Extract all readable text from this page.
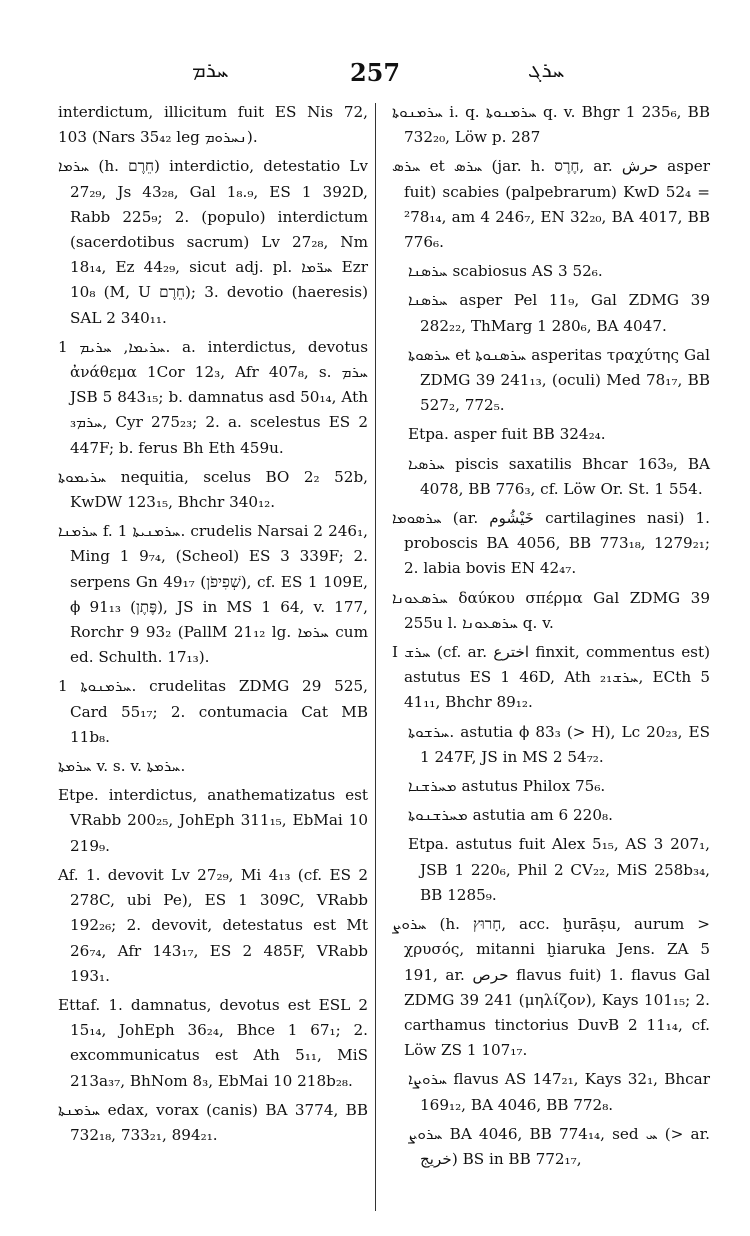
ܚܪܡ	257	ܚܪܓ

interdictum, illicitum fuit ES Nis 72, 103 (Nars 35₄₂ leg ܢܚܪܘܡ).

ܚܪܡܐ (h. חֵרֶם) interdictio, detestatio Lv 27₂₉, Js 43₂₈, Gal 1₈.₉, ES 1 392D, Rabb 225₉; 2. (populo) interdictum (sacerdotibus sacrum) Lv 27₂₈, Nm 18₁₄, Ez 44₂₉, sicut adj. pl. ܚܪ̈ܡܐ Ezr 10₈ (M, U חֵרֶם); 3. devotio (haeresis) SAL 2 340₁₁.

ܚܪܝܡܐ, ܚܪܝܡ 1. a. interdictus, devotus ἀνάθεμα 1Cor 12₃, Afr 407₈, s. ܚܪܡ JSB 5 843₁₅; b. damnatus asd 50₁₄, Ath ܚܪܡ₃, Cyr 275₂₃; 2. a. scelestus ES 2 447F; b. ferus Bh Eth 459u.

ܚܪܝܡܘܬܐ nequitia, scelus BO 2₂ 52b, KwDW 123₁₅, Bhchr 340₁₂.

ܚܪܡܢܐ f. ܚܪܡܢܝܬܐ 1. crudelis Narsai 2 246₁, Ming 1 9₇₄, (Scheol) ES 3 339F; 2. serpens Gn 49₁₇ (שְׁפִיפֹן), cf. ES 1 109E, ϕ 91₁₃ (פֶּתֶן), JS in MS 1 64, v. 177, Rorchr 9 93₂ (PallM 21₁₂ lg. ܚܪܡܐ cum ed. Schulth. 17₁₃).

ܚܪܡܢܘܬܐ 1. crudelitas ZDMG 29 525, Card 55₁₇; 2. contumacia Cat MB 11b₈.

ܚܪܡܬܐ v. s. v. ܚܪܡܬܐ.

Etpe. interdictus, anathematizatus est VRabb 200₂₅, JohEph 311₁₅, EbMai 10 219₉.

Af. 1. devovit Lv 27₂₉, Mi 4₁₃ (cf. ES 2 278C, ubi Pe), ES 1 309C, VRabb 192₂₆; 2. devovit, detestatus est Mt 26₇₄, Afr 143₁₇, ES 2 485F, VRabb 193₁.

Ettaf. 1. damnatus, devotus est ESL 2 15₁₄, JohEph 36₂₄, Bhce 1 67₁; 2. excommunicatus est Ath 5₁₁, MiS 213a₃₇, BhNom 8₃, EbMai 10 218b₂₈.

ܚܪܡܢܬܐ edax, vorax (canis) BA 3774, BB 732₁₈, 733₂₁, 894₂₁.

ܚܪܡܢܘܬܐ i. q. ܚܪܡܢܘܬܐ q. v. Bhgr 1 235₆, BB 732₂₀, Löw p. 287

ܚܪܣ et ܚܪܣ (jar. h. חֶרֶס, ar. حرش asper fuit) scabies (palpebrarum) KwD 52₄ = ²78₁₄, am 4 246₇, EN 32₂₀, BA 4017, BB 776₆.

ܚܪܣܢܐ scabiosus AS 3 52₆.

ܚܪܣܢܐ asper Pel 11₉, Gal ZDMG 39 282₂₂, ThMarg 1 280₆, BA 4047.

ܚܪܣܘܬܐ et ܚܪܣܢܘܬܐ asperitas τραχύτης Gal ZDMG 39 241₁₃, (oculi) Med 78₁₇, BB 527₂, 772₅.

Etpa. asper fuit BB 324₂₄.

ܚܪܣܝܐ piscis saxatilis Bhcar 163₉, BA 4078, BB 776₃, cf. Löw Or. St. 1 554.

ܚܪܣܘܡܐ (ar. خَيْشُوم cartilagines nasi) 1. proboscis BA 4056, BB 773₁₈, 1279₂₁; 2. labia bovis EN 42₄₇.

ܚܪܣܥܘܢܐ δαύκου σπέρμα Gal ZDMG 39 255u l. ܚܪܣܥܘܢܐ q. v.

I ܚܪܫ (cf. ar. اخترع finxit, commentus est) astutus ES 1 46D, Ath ܚܪܫ₂₁, ECth 5 41₁₁, Bhchr 89₁₂.

ܚܪܫܘܬܐ. astutia ϕ 83₃ (> H), Lc 20₂₃, ES 1 247F, JS in MS 2 54₇₂.

ܡܚܪܫܢܐ astutus Philox 75₆.

ܡܚܪܫܢܘܬܐ astutia am 6 220₈.

Etpa. astutus fuit Alex 5₁₅, AS 3 207₁, JSB 1 220₆, Phil 2 CV₂₂, MiS 258b₃₄, BB 1285₉.

ܚܪܘܨ (h. חָרוּץ, acc. ḫurāṣu, aurum > χρυσός, mitanni ḫiaruka Jens. ZA 5 191, ar. حرص flavus fuit) 1. flavus Gal ZDMG 39 241 (μηλίζον), Kays 101₁₅; 2. carthamus tinctorius DuvB 2 11₁₄, cf. Löw ZS 1 107₁₇.

ܚܪܘܨܐ flavus AS 147₂₁, Kays 32₁, Bhcar 169₁₂, BA 4046, BB 772₈.

ܚܪܘܨ BA 4046, BB 774₁₄, sed ܚ (> ar. خريج) BS in BB 772₁₇,
